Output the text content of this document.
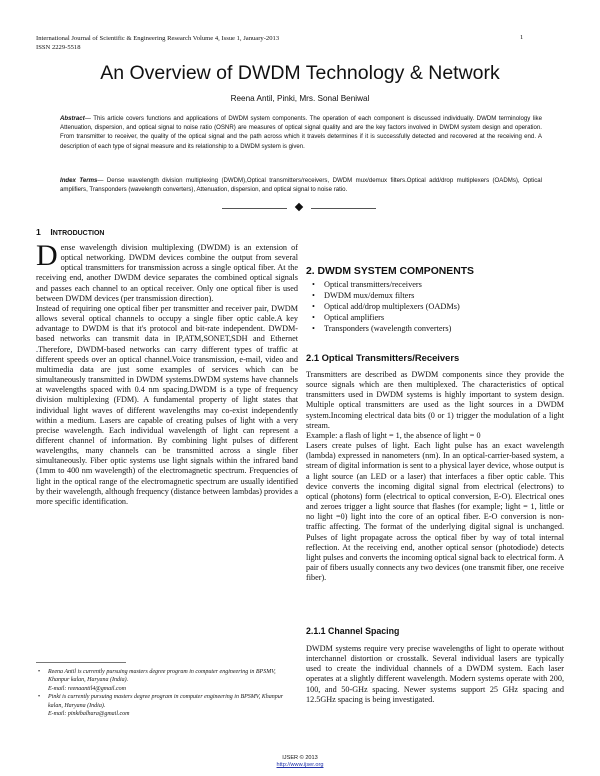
International Journal of Scientific & Engineering Research Volume 4, Issue 1, January-2013
ISSN 2229-5518
1
An Overview of DWDM Technology & Network
Reena Antil, Pinki, Mrs. Sonal Beniwal
Abstract— This article covers functions and applications of DWDM system components. The operation of each component is discussed individually. DWDM terminology like Attenuation, dispersion, and optical signal to noise ratio (OSNR) are measures of optical signal quality and are the key factors involved in DWDM system design and operation. From transmitter to receiver, the quality of the optical signal and the path across which it travels determines if it is successfully detected and recovered at the receiving end. A description of each type of signal measure and its relationship to a DWDM system is given.
Index Terms— Dense wavelength division multiplexing (DWDM),Optical transmitters/receivers, DWDM mux/demux filters.Optical add/drop multiplexers (OADMs), Optical amplifiers, Transponders (wavelength converters), Attenuation, dispersion, and optical signal to noise ratio.
1 INTRODUCTION
Dense wavelength division multiplexing (DWDM) is an extension of optical networking. DWDM devices combine the output from several optical transmitters for transmission across a single optical fiber. At the receiving end, another DWDM device separates the combined optical signals and passes each channel to an optical receiver. Only one optical fiber is used between DWDM devices (per transmission direction).
Instead of requiring one optical fiber per transmitter and receiver pair, DWDM allows several optical channels to occupy a single fiber optic cable.A key advantage to DWDM is that it's protocol and bit-rate independent. DWDM-based networks can transmit data in IP,ATM,SONET,SDH and Ethernet .Therefore, DWDM-based networks can carry different types of traffic at different speeds over an optical channel.Voice transmission, e-mail, video and multimedia data are just some examples of services which can be simultaneously transmitted in DWDM systems.DWDM systems have channels at wavelengths spaced with 0.4 nm spacing.DWDM is a type of frequency division multiplexing (FDM). A fundamental property of light states that individual light waves of different wavelengths may co-exist independently within a medium. Lasers are capable of creating pulses of light with a very precise wavelength. Each individual wavelength of light can represent a different channel of information. By combining light pulses of different wavelengths, many channels can be transmitted across a single fiber simultaneously. Fiber optic systems use light signals within the infrared band (1mm to 400 nm wavelength) of the electromagnetic spectrum. Frequencies of light in the optical range of the electromagnetic spectrum are usually identified by their wavelength, although frequency (distance between lambdas) provides a more specific identification.
• Reena Antil is currently pursuing masters degree program in computer engineering in BPSMV, Khanpur kalan, Haryana (India).
E-mail: reenaantil4@gmail.com
• Pinki is currently pursuing masters degree program in computer engineering in BPSMV, Khanpur kalan, Haryana (India).
E-mail: pinkibalhara@gmail.com
2. DWDM SYSTEM COMPONENTS
• Optical transmitters/receivers
• DWDM mux/demux filters
• Optical add/drop multiplexers (OADMs)
• Optical amplifiers
• Transponders (wavelength converters)
2.1 Optical Transmitters/Receivers
Transmitters are described as DWDM components since they provide the source signals which are then multiplexed. The characteristics of optical transmitters used in DWDM systems is highly important to system design. Multiple optical transmitters are used as the light sources in a DWDM system.Incoming electrical data bits (0 or 1) trigger the modulation of a light stream.
Example: a flash of light = 1, the absence of light = 0
Lasers create pulses of light. Each light pulse has an exact wavelength (lambda) expressed in nanometers (nm). In an optical-carrier-based system, a stream of digital information is sent to a physical layer device, whose output is a light source (an LED or a laser) that interfaces a fiber optic cable. This device converts the incoming digital signal from electrical (electrons) to optical (photons) form (electrical to optical conversion, E-O). Electrical ones and zeroes trigger a light source that flashes (for example; light = 1, little or no light =0) light into the core of an optical fiber. E-O conversion is non-traffic affecting. The format of the underlying digital signal is unchanged. Pulses of light propagate across the optical fiber by way of total internal reflection. At the receiving end, another optical sensor (photodiode) detects light pulses and converts the incoming optical signal back to electrical form. A pair of fibers usually connects any two devices (one transmit fiber, one receive fiber).
2.1.1 Channel Spacing
DWDM systems require very precise wavelengths of light to operate without interchannel distortion or crosstalk. Several individual lasers are typically used to create the individual channels of a DWDM system. Each laser operates at a slightly different wavelength. Modern systems operate with 200, 100, and 50-GHz spacing. Newer systems support 25 GHz spacing and 12.5GHz spacing is being investigated.
IJSER © 2013
http://www.ijser.org
